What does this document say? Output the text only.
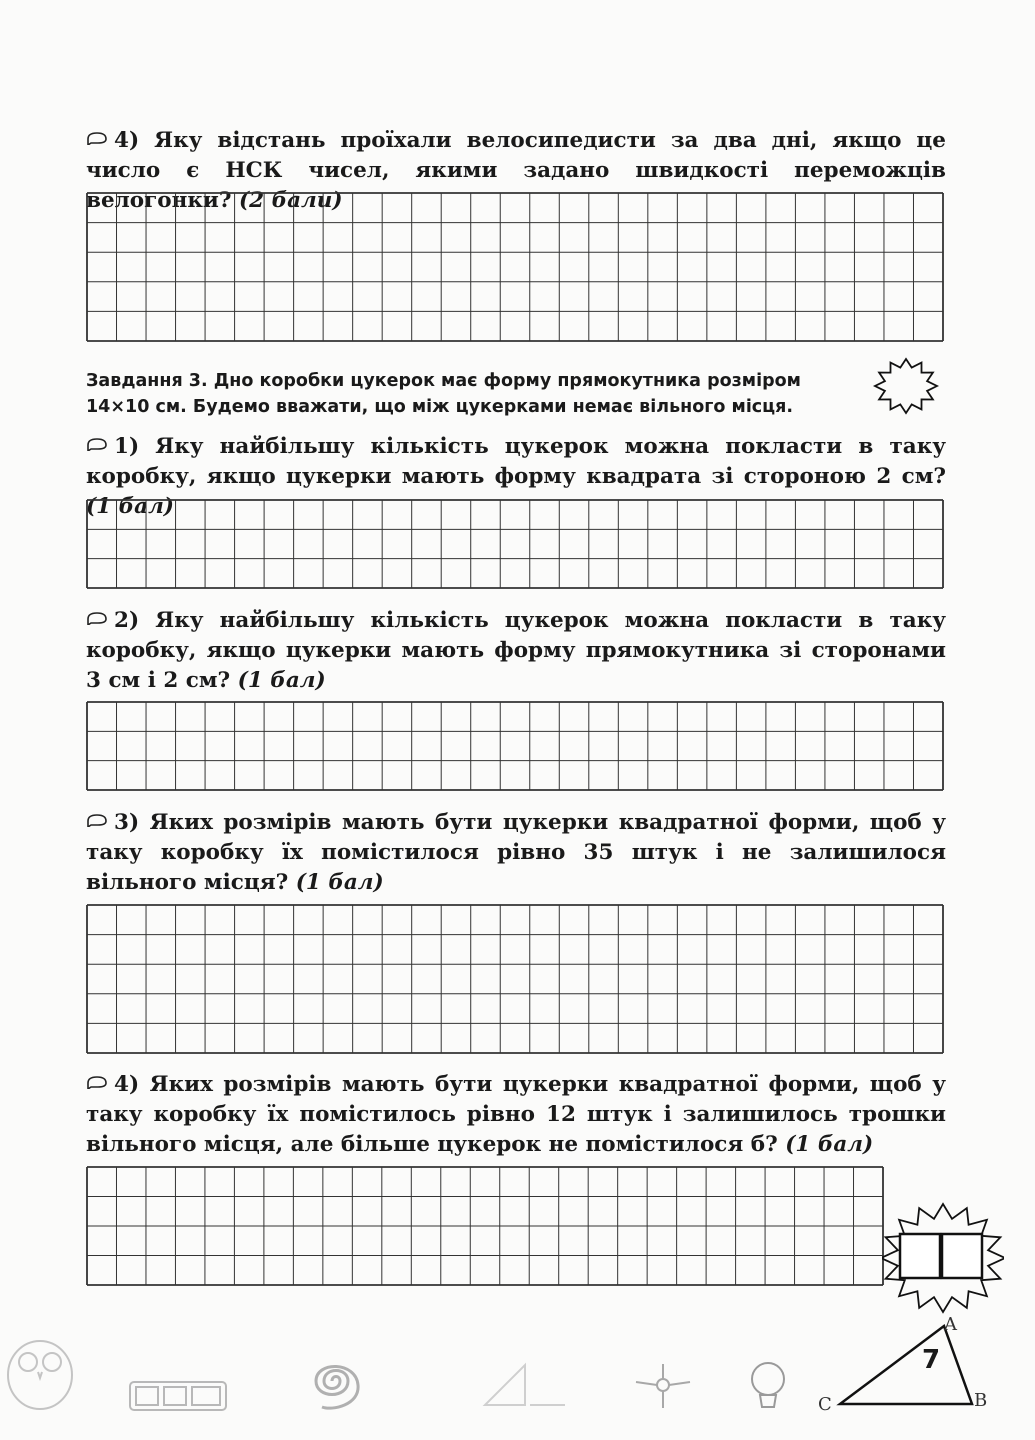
4) Яку відстань проїхали велосипедисти за два дні, якщо це число є НСК чисел, якими задано швидкості переможців велогонки? (2 бали)
Завдання 3. Дно коробки цукерок має форму прямокутника розміром 14×10 см. Будемо вважати, що між цукерками немає вільного місця.
1) Яку найбільшу кількість цукерок можна покласти в таку коробку, якщо цукерки мають форму квадрата зі стороною 2 см? (1 бал)
2) Яку найбільшу кількість цукерок можна покласти в таку коробку, якщо цукерки мають форму прямокутника зі сторонами 3 см і 2 см? (1 бал)
3) Яких розмірів мають бути цукерки квадратної форми, щоб у таку коробку їх помістилося рівно 35 штук і не залишилося вільного місця? (1 бал)
4) Яких розмірів мають бути цукерки квадратної форми, щоб у таку коробку їх помістилось рівно 12 штук і залишилось трошки вільного місця, але більше цукерок не помістилося б? (1 бал)
7
A
B
C
